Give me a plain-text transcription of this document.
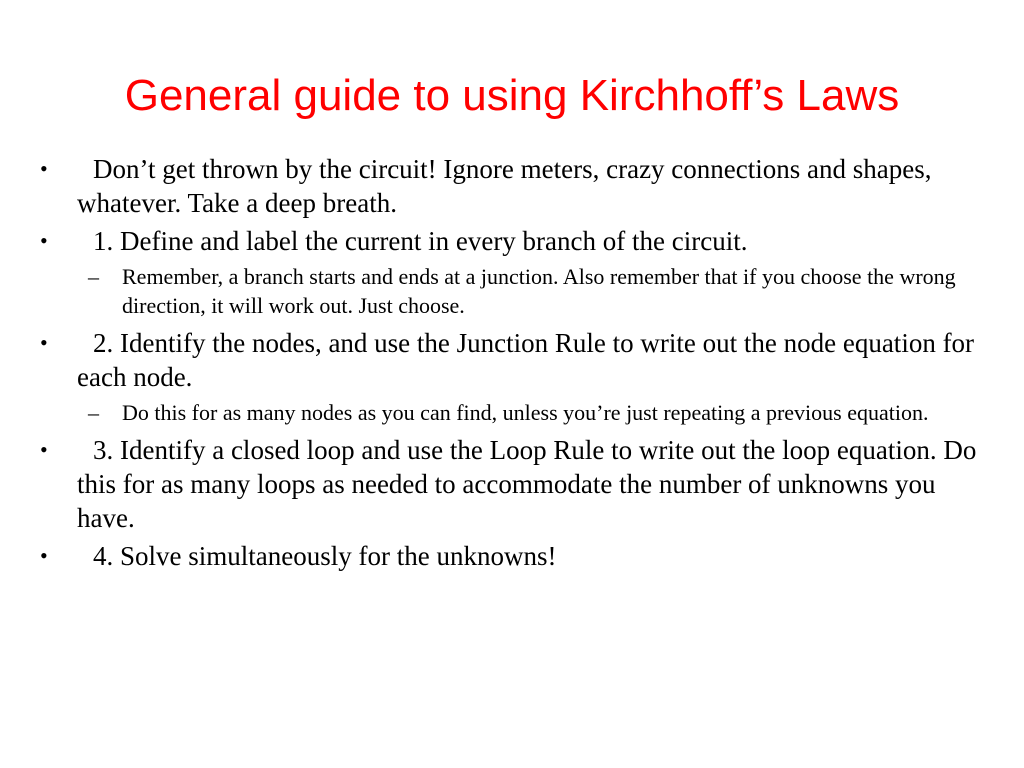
General guide to using Kirchhoff’s Laws
•	Don’t get thrown by the circuit! Ignore meters, crazy connections and shapes, whatever. Take a deep breath.
•	1. Define and label the current in every branch of the circuit.
– Remember, a branch starts and ends at a junction. Also remember that if you choose the wrong direction, it will work out. Just choose.
•	2. Identify the nodes, and use the Junction Rule to write out the node equation for each node.
– Do this for as many nodes as you can find, unless you’re just repeating a previous equation.
•	3. Identify a closed loop and use the Loop Rule to write out the loop equation. Do this for as many loops as needed to accommodate the number of unknowns you have.
•	4. Solve simultaneously for the unknowns!
